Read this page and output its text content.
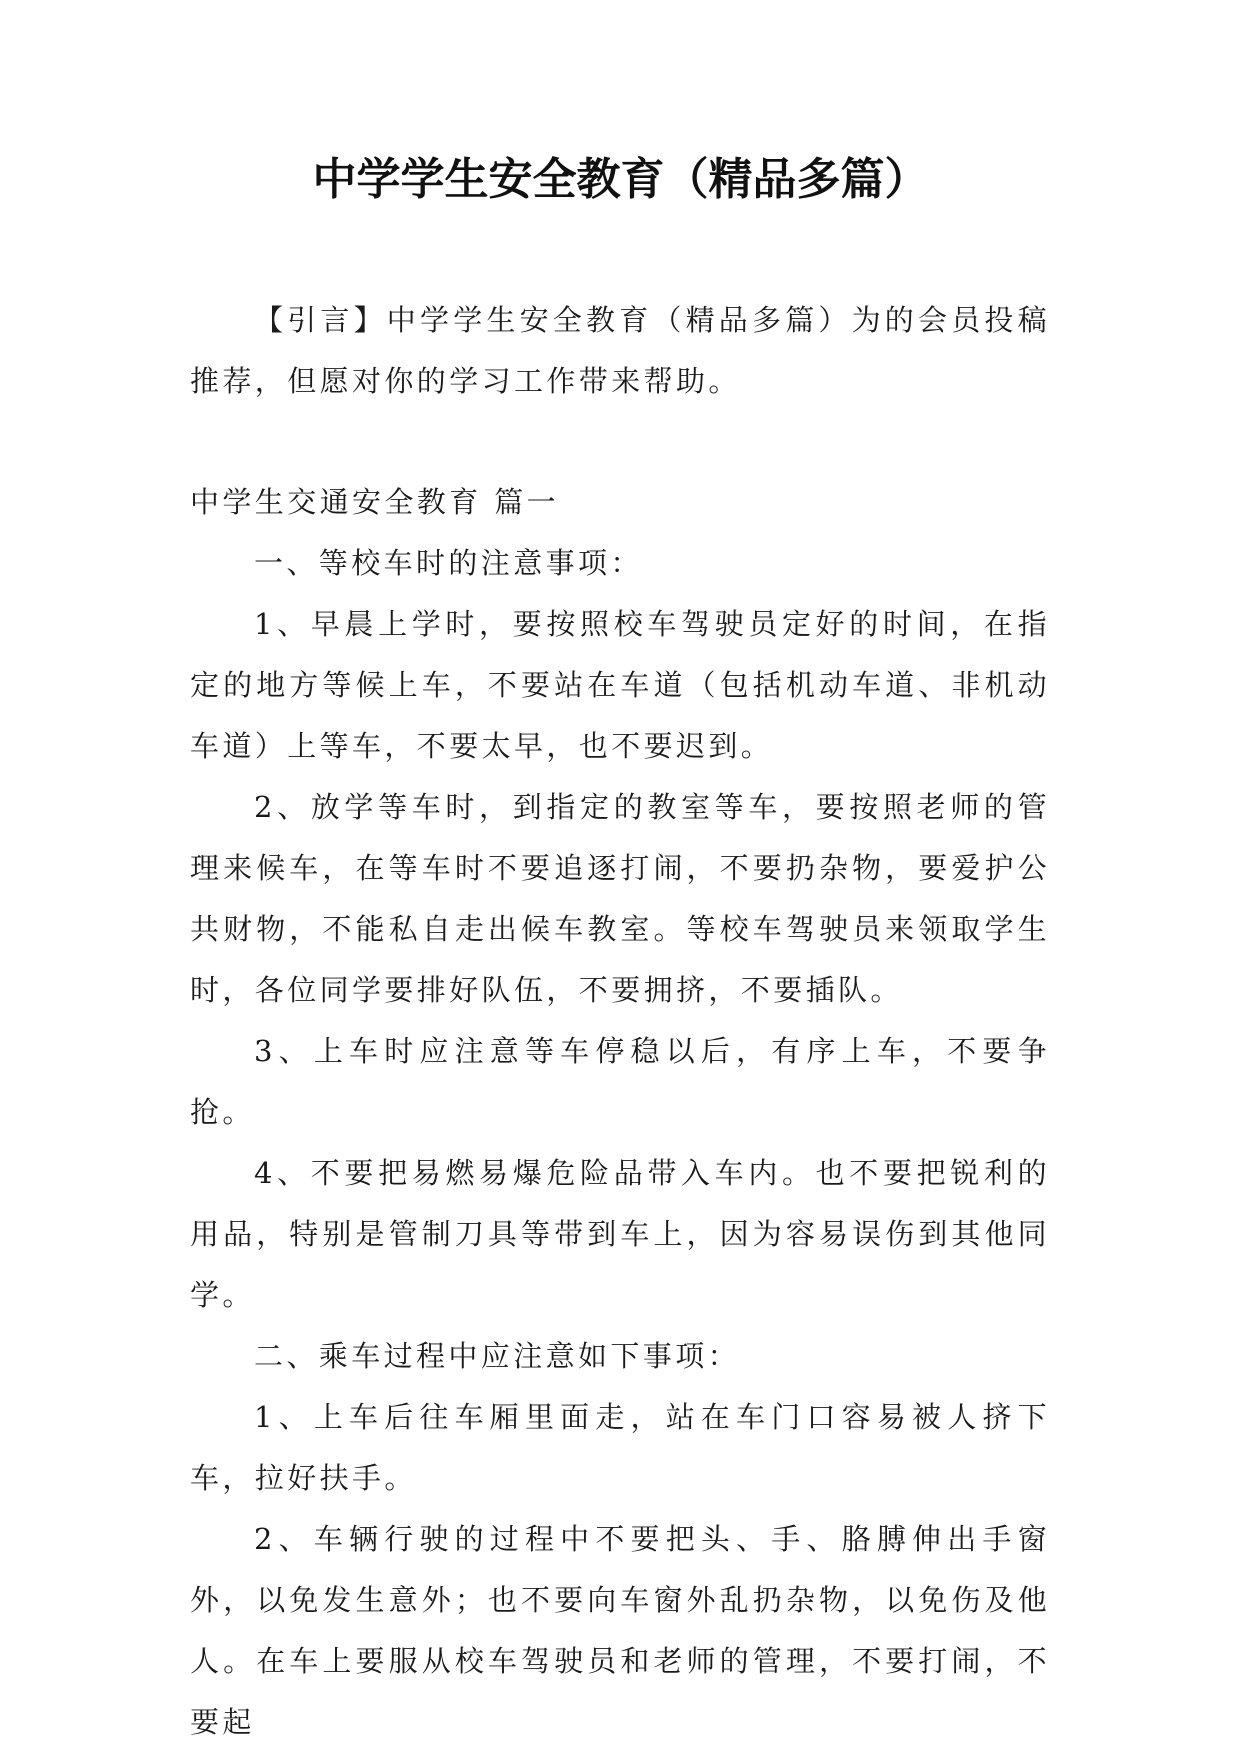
中学学生安全教育（精品多篇）

【引言】中学学生安全教育（精品多篇）为的会员投稿推荐，但愿对你的学习工作带来帮助。

中学生交通安全教育 篇一

一、等校车时的注意事项：

1、早晨上学时，要按照校车驾驶员定好的时间，在指定的地方等候上车，不要站在车道（包括机动车道、非机动车道）上等车，不要太早，也不要迟到。

2、放学等车时，到指定的教室等车，要按照老师的管理来候车，在等车时不要追逐打闹，不要扔杂物，要爱护公共财物，不能私自走出候车教室。等校车驾驶员来领取学生时，各位同学要排好队伍，不要拥挤，不要插队。

3、上车时应注意等车停稳以后，有序上车，不要争抢。

4、不要把易燃易爆危险品带入车内。也不要把锐利的用品，特别是管制刀具等带到车上，因为容易误伤到其他同学。

二、乘车过程中应注意如下事项：

1、上车后往车厢里面走，站在车门口容易被人挤下车，拉好扶手。

2、车辆行驶的过程中不要把头、手、胳膊伸出手窗外，以免发生意外；也不要向车窗外乱扔杂物，以免伤及他人。在车上要服从校车驾驶员和老师的管理，不要打闹，不要起
